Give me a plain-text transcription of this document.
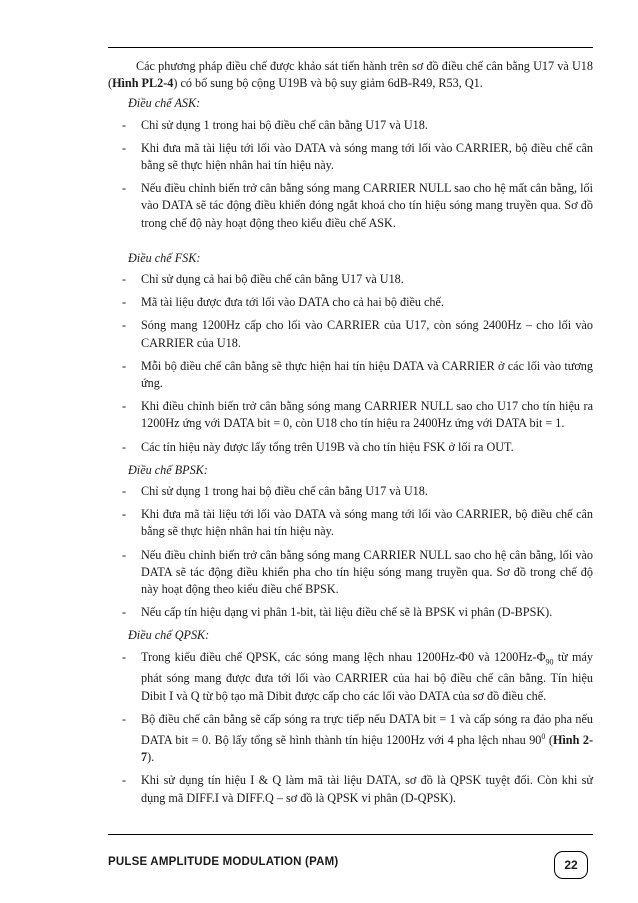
Các phương pháp điều chế được khảo sát tiến hành trên sơ đồ điều chế cân bằng U17 và U18 (Hình PL2-4) có bổ sung bộ cộng U19B và bộ suy giảm 6dB-R49, R53, Q1.

Điều chế ASK:

- Chỉ sử dụng 1 trong hai bộ điều chế cân bằng U17 và U18.
- Khi đưa mã tài liệu tới lối vào DATA và sóng mang tới lối vào CARRIER, bộ điều chế cân bằng sẽ thực hiện nhân hai tín hiệu này.
- Nếu điều chỉnh biến trở cân bằng sóng mang CARRIER NULL sao cho hệ mất cân bằng, lối vào DATA sẽ tác động điều khiển đóng ngắt khoá cho tín hiệu sóng mang truyền qua. Sơ đồ trong chế độ này hoạt động theo kiểu điều chế ASK.

Điều chế FSK:

- Chỉ sử dụng cả hai bộ điều chế cân bằng U17 và U18.
- Mã tài liệu được đưa tới lối vào DATA cho cả hai bộ điều chế.
- Sóng mang 1200Hz cấp cho lối vào CARRIER của U17, còn sóng 2400Hz – cho lối vào CARRIER của U18.
- Mỗi bộ điều chế cân bằng sẽ thực hiện hai tín hiệu DATA và CARRIER ở các lối vào tương ứng.
- Khi điều chỉnh biến trở cân bằng sóng mang CARRIER NULL sao cho U17 cho tín hiệu ra 1200Hz ứng với DATA bit = 0, còn U18 cho tín hiệu ra 2400Hz ứng với DATA bit = 1.
- Các tín hiệu này được lấy tổng trên U19B và cho tín hiệu FSK ở lối ra OUT.

Điều chế BPSK:

- Chỉ sử dụng 1 trong hai bộ điều chế cân bằng U17 và U18.
- Khi đưa mã tài liệu tới lối vào DATA và sóng mang tới lối vào CARRIER, bộ điều chế cân bằng sẽ thực hiện nhân hai tín hiệu này.
- Nếu điều chỉnh biến trở cân bằng sóng mang CARRIER NULL sao cho hệ cân bằng, lối vào DATA sẽ tác động điều khiển pha cho tín hiệu sóng mang truyền qua. Sơ đồ trong chế độ này hoạt động theo kiểu điều chế BPSK.
- Nếu cấp tín hiệu dạng vi phân 1-bit, tài liệu điều chế sẽ là BPSK vi phân (D-BPSK).

Điều chế QPSK:

- Trong kiểu điều chế QPSK, các sóng mang lệch nhau 1200Hz-Φ0 và $1200Hz-\Phi_{90}$ từ máy phát sóng mang được đưa tới lối vào CARRIER của hai bộ điều chế cân bằng. Tín hiệu Dibit I và Q từ bộ tạo mã Dibit được cấp cho các lối vào DATA của sơ đồ điều chế.
- Bộ điều chế cân bằng sẽ cấp sóng ra trực tiếp nếu DATA bit = 1 và cấp sóng ra đảo pha nếu DATA bit = 0. Bộ lấy tổng sẽ hình thành tín hiệu 1200Hz với 4 pha lệch nhau $90^0$ (Hình 2-7).
- Khi sử dụng tín hiệu I & Q làm mã tài liệu DATA, sơ đồ là QPSK tuyệt đối. Còn khi sử dụng mã DIFF.I và DIFF.Q – sơ đồ là QPSK vi phân (D-QPSK).
PULSE AMPLITUDE MODULATION (PAM)	22
